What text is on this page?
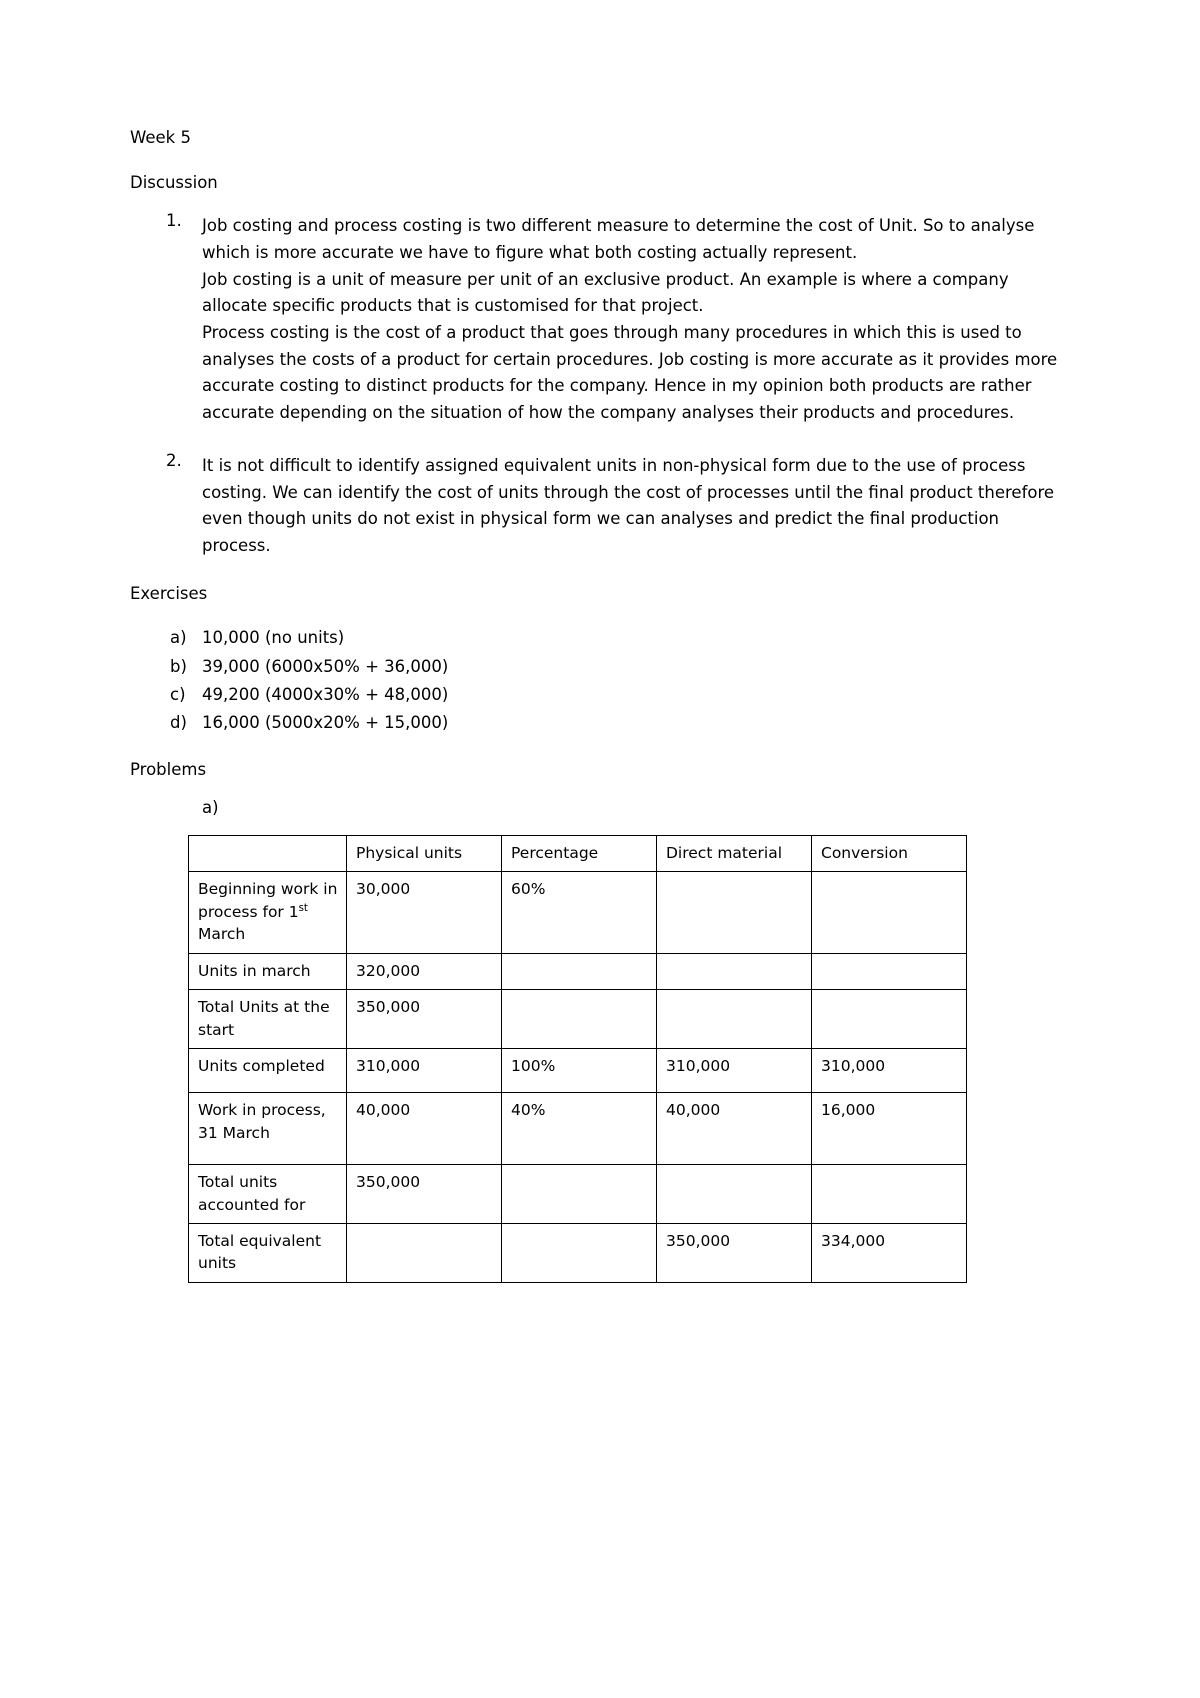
Week 5

Discussion

1. Job costing and process costing is two different measure to determine the cost of Unit. So to analyse which is more accurate we have to figure what both costing actually represent.

Job costing is a unit of measure per unit of an exclusive product. An example is where a company allocate specific products that is customised for that project.

Process costing is the cost of a product that goes through many procedures in which this is used to analyses the costs of a product for certain procedures. Job costing is more accurate as it provides more accurate costing to distinct products for the company. Hence in my opinion both products are rather accurate depending on the situation of how the company analyses their products and procedures.

2. It is not difficult to identify assigned equivalent units in non-physical form due to the use of process costing. We can identify the cost of units through the cost of processes until the final product therefore even though units do not exist in physical form we can analyses and predict the final production process.

Exercises

a) 10,000 (no units)
b) 39,000 (6000x50% + 36,000)
c) 49,200 (4000x30% + 48,000)
d) 16,000 (5000x20% + 15,000)

Problems

a)

	Physical units	Percentage	Direct material	Conversion
Beginning work in process for 1st March	30,000	60%		
Units in march	320,000			
Total Units at the start	350,000			
Units completed	310,000	100%	310,000	310,000
Work in process, 31 March	40,000	40%	40,000	16,000
Total units accounted for	350,000			
Total equivalent units			350,000	334,000
